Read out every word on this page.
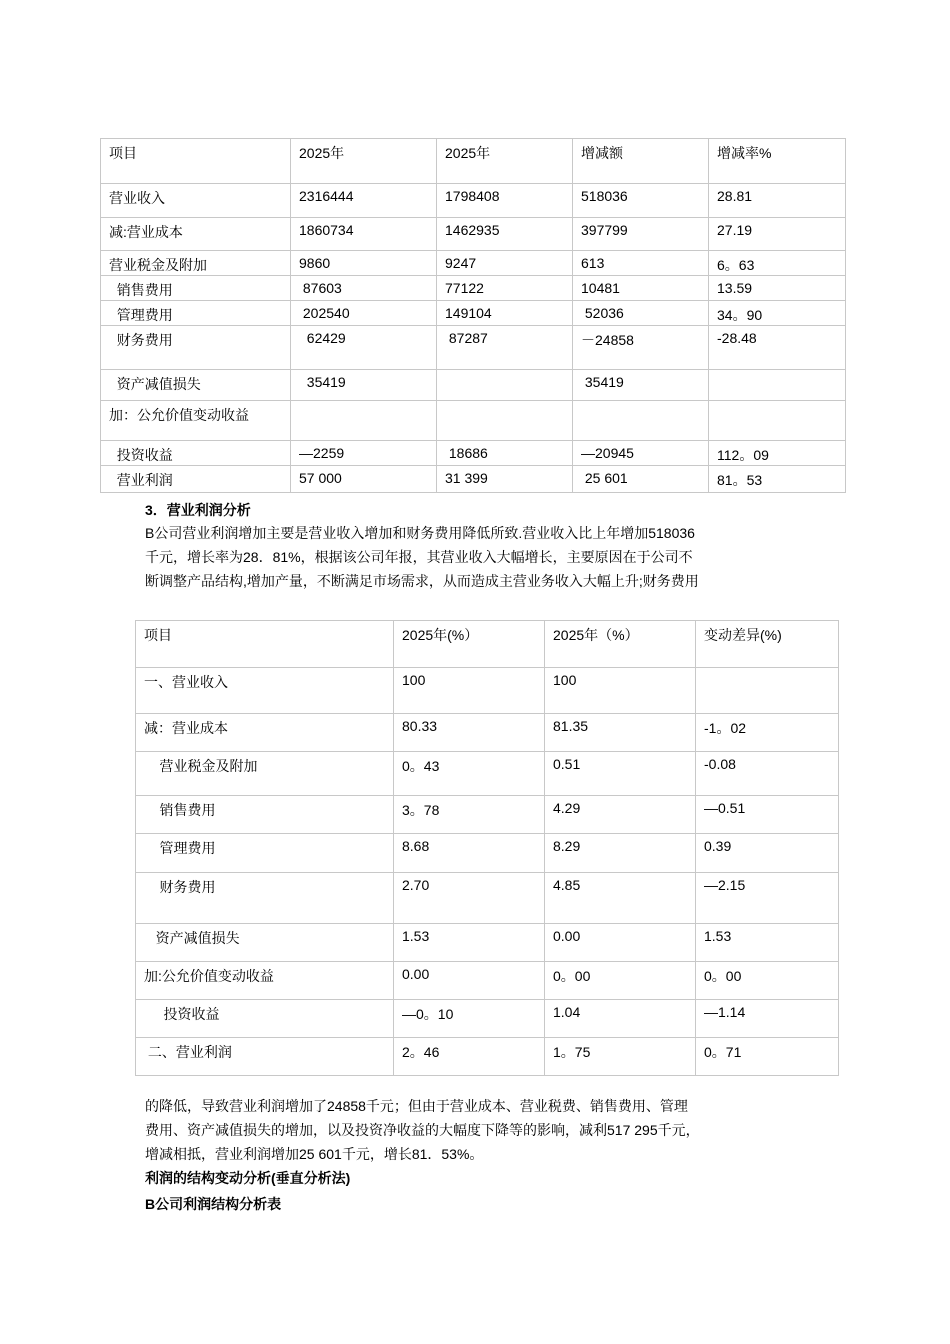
项目	2025年	2025年	增减额	增减率%
营业收入	2316444	1798408	518036	28.81
减:营业成本	1860734	1462935	397799	27.19
营业税金及附加	9860	9247	613	6。63
销售费用	87603	77122	10481	13.59
管理费用	202540	149104	52036	34。90
财务费用	62429	87287	－24858	-28.48
资产减值损失	35419		35419	
加：公允价值变动收益				
投资收益	—2259	18686	—20945	112。09
营业利润	57 000	31 399	25 601	81。53
3．营业利润分析
B公司营业利润增加主要是营业收入增加和财务费用降低所致.营业收入比上年增加518036
千元，增长率为28．81%，根据该公司年报，其营业收入大幅增长，主要原因在于公司不
断调整产品结构,增加产量，不断满足市场需求，从而造成主营业务收入大幅上升;财务费用
项目	2025年(%）	2025年（%）	变动差异(%)
一、营业收入	100	100	
减：营业成本	80.33	81.35	-1。02
营业税金及附加	0。43	0.51	-0.08
销售费用	3。78	4.29	—0.51
管理费用	8.68	8.29	0.39
财务费用	2.70	4.85	—2.15
资产减值损失	1.53	0.00	1.53
加:公允价值变动收益	0.00	0。00	0。00
投资收益	—0。10	1.04	—1.14
二、营业利润	2。46	1。75	0。71
的降低，导致营业利润增加了24858千元；但由于营业成本、营业税费、销售费用、管理
费用、资产减值损失的增加，以及投资净收益的大幅度下降等的影响，减利517 295千元，
增减相抵，营业利润增加25 601千元，增长81．53%。
利润的结构变动分析(垂直分析法)
B公司利润结构分析表
